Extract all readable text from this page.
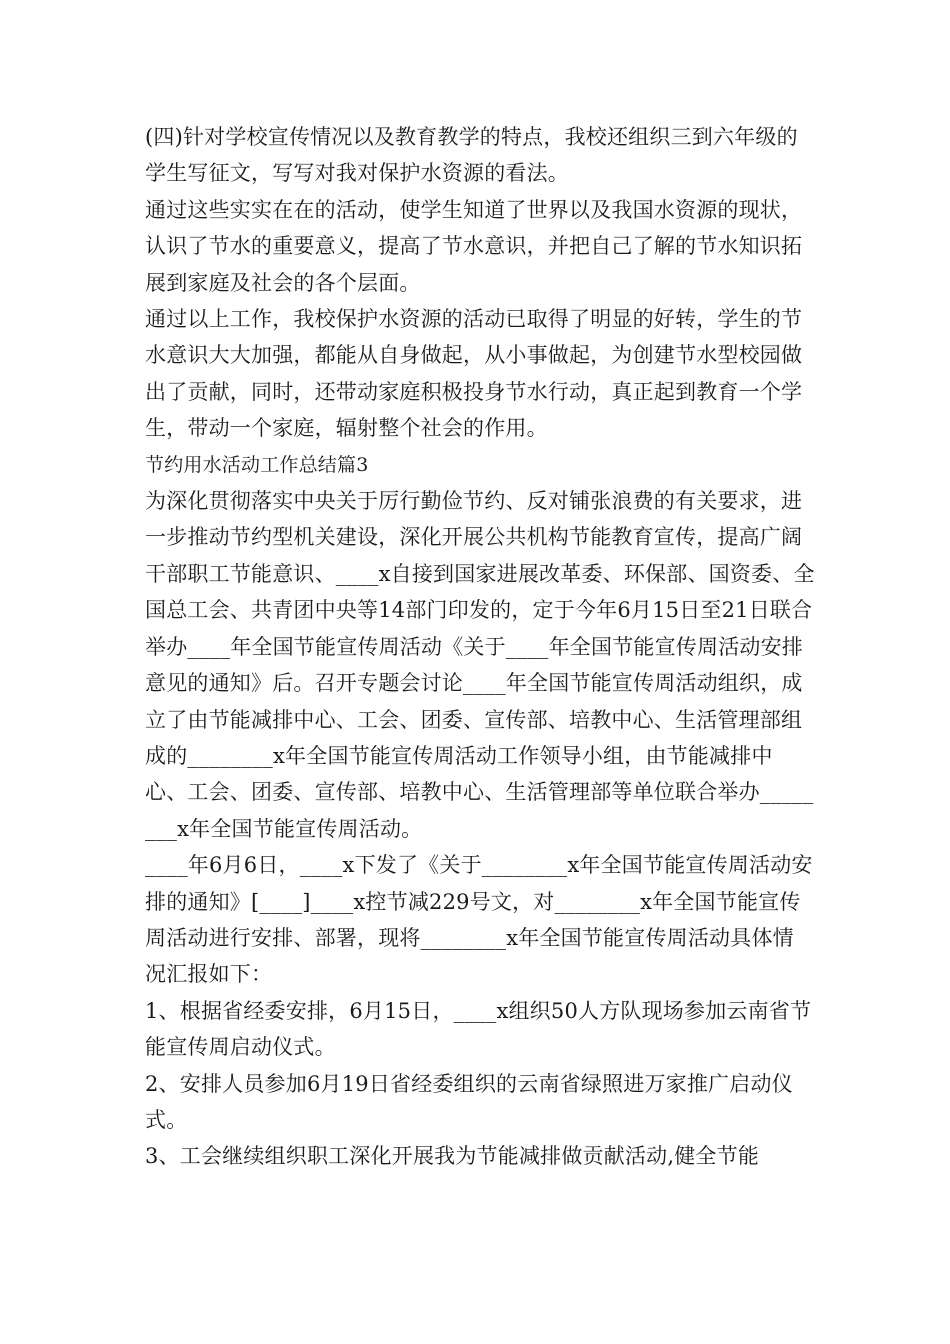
(四)针对学校宣传情况以及教育教学的特点，我校还组织三到六年级的学生写征文，写写对我对保护水资源的看法。

通过这些实实在在的活动，使学生知道了世界以及我国水资源的现状，认识了节水的重要意义，提高了节水意识，并把自己了解的节水知识拓展到家庭及社会的各个层面。

通过以上工作，我校保护水资源的活动已取得了明显的好转，学生的节水意识大大加强，都能从自身做起，从小事做起，为创建节水型校园做出了贡献，同时，还带动家庭积极投身节水行动，真正起到教育一个学生，带动一个家庭，辐射整个社会的作用。

节约用水活动工作总结篇3

为深化贯彻落实中央关于厉行勤俭节约、反对铺张浪费的有关要求，进一步推动节约型机关建设，深化开展公共机构节能教育宣传，提高广阔干部职工节能意识、____x自接到国家进展改革委、环保部、国资委、全国总工会、共青团中央等14部门印发的，定于今年6月15日至21日联合举办____年全国节能宣传周活动《关于____年全国节能宣传周活动安排意见的通知》后。召开专题会讨论____年全国节能宣传周活动组织，成立了由节能减排中心、工会、团委、宣传部、培教中心、生活管理部组成的________x年全国节能宣传周活动工作领导小组，由节能减排中心、工会、团委、宣传部、培教中心、生活管理部等单位联合举办________x年全国节能宣传周活动。

____年6月6日，____x下发了《关于________x年全国节能宣传周活动安排的通知》[____]____x控节减229号文，对________x年全国节能宣传周活动进行安排、部署，现将________x年全国节能宣传周活动具体情况汇报如下：

1、根据省经委安排，6月15日，____x组织50人方队现场参加云南省节能宣传周启动仪式。

2、安排人员参加6月19日省经委组织的云南省绿照进万家推广启动仪式。

3、工会继续组织职工深化开展我为节能减排做贡献活动,健全节能
